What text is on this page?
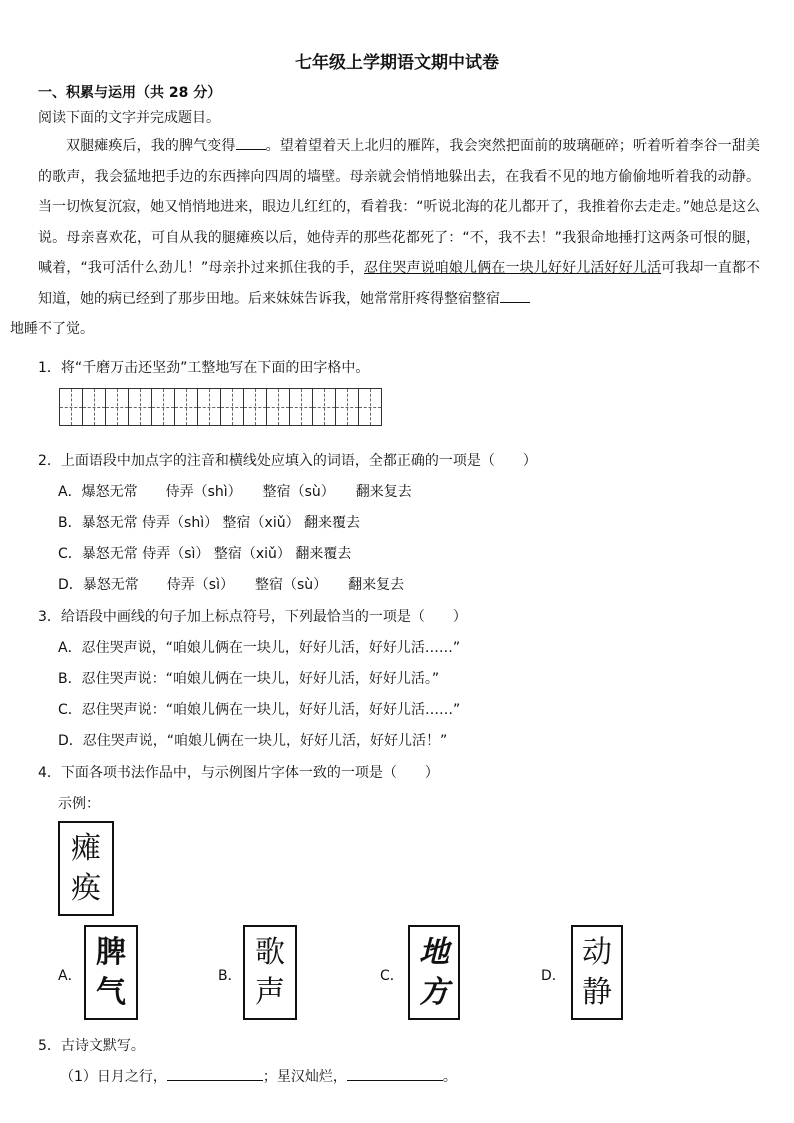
七年级上学期语文期中试卷
一、积累与运用（共 28 分）
阅读下面的文字并完成题目。
双腿瘫痪后，我的脾气变得 。望着望着天上北归的雁阵，我会突然把面前的玻璃砸碎；听着听着李谷一甜美的歌声，我会猛地把手边的东西摔向四周的墙壁。母亲就会悄悄地躲出去，在我看不见的地方偷偷地听着我的动静。当一切恢复沉寂，她又悄悄地进来，眼边儿红红的，看着我：“听说北海的花儿都开了，我推着你去走走。”她总是这么说。母亲喜欢花，可自从我的腿瘫痪以后，她侍弄的那些花都死了：“不，我不去！”我狠命地捶打这两条可恨的腿，喊着，“我可活什么劲儿！”母亲扑过来抓住我的手，忍住哭声说咱娘儿俩在一块儿好好儿活好好儿活可我却一直都不知道，她的病已经到了那步田地。后来妹妹告诉我，她常常肝疼得整宿整宿
地睡不了觉。
1．将“千磨万击还坚劲”工整地写在下面的田字格中。
2．上面语段中加点字的注音和横线处应填入的词语，全都正确的一项是（　　）
A．爆怒无常　　侍弄（shì）　　整宿（sù）　　翻来复去
B．暴怒无常 侍弄（shì） 整宿（xiǔ） 翻来覆去
C．暴怒无常 侍弄（sì） 整宿（xiǔ） 翻来覆去
D．暴怒无常　　侍弄（sì）　　整宿（sù）　　翻来复去
3．给语段中画线的句子加上标点符号，下列最恰当的一项是（　　）
A．忍住哭声说，“咱娘儿俩在一块儿，好好儿活，好好儿活……”
B．忍住哭声说：“咱娘儿俩在一块儿，好好儿活，好好儿活。”
C．忍住哭声说：“咱娘儿俩在一块儿，好好儿活，好好儿活……”
D．忍住哭声说，“咱娘儿俩在一块儿，好好儿活，好好儿活！”
4．下面各项书法作品中，与示例图片字体一致的一项是（　　）
示例：
瘫
痪
A．
脾
气	B．
歌
声	C．
地
方	D．
动
静
5．古诗文默写。
（1）日月之行，	；星汉灿烂，	。
